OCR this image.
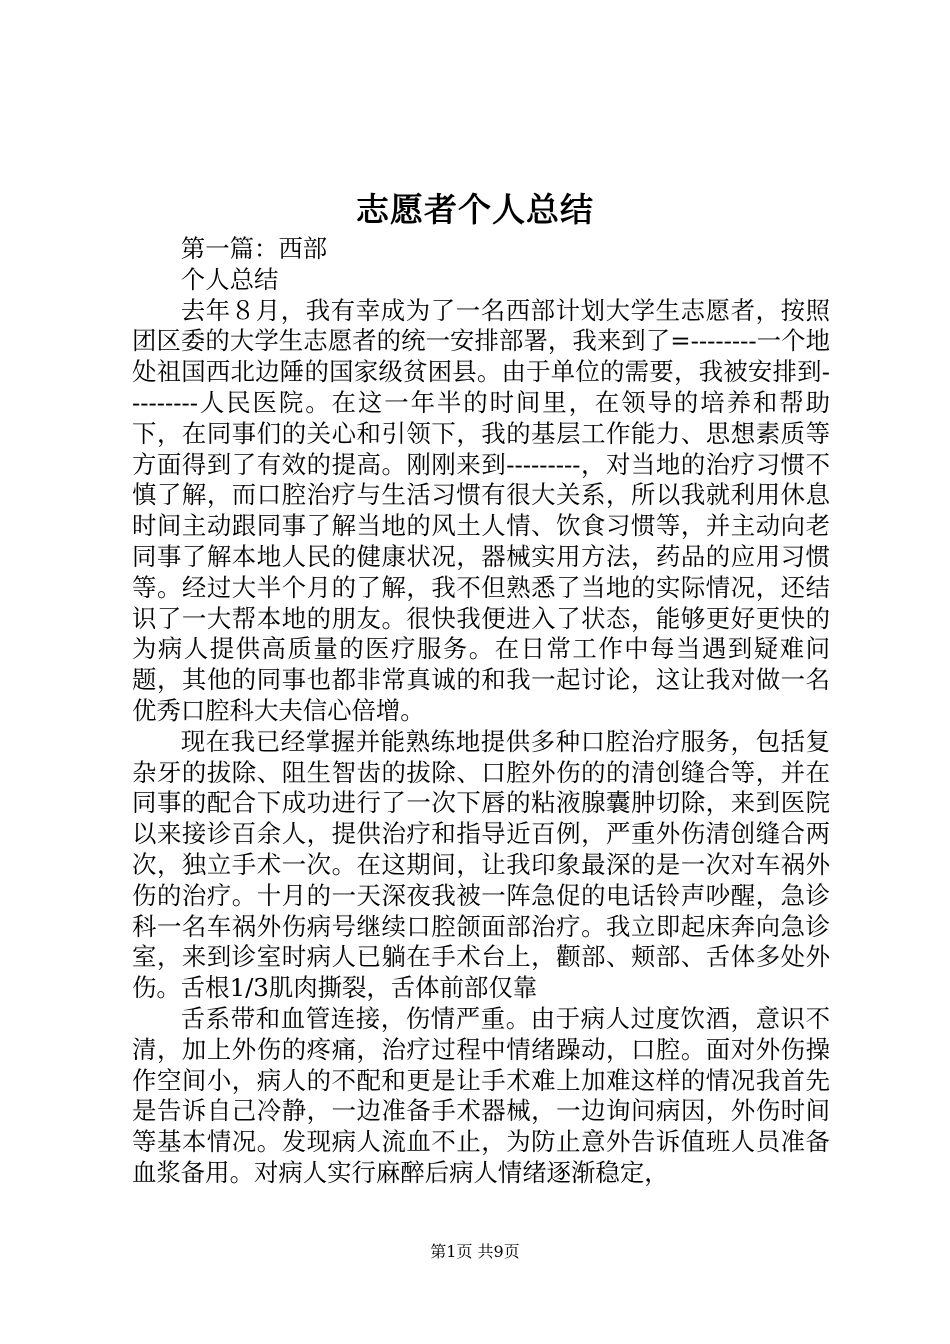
志愿者个人总结

第一篇：西部

个人总结

去年８月，我有幸成为了一名西部计划大学生志愿者，按照团区委的大学生志愿者的统一安排部署，我来到了=--------一个地处祖国西北边陲的国家级贫困县。由于单位的需要，我被安排到---------人民医院。在这一年半的时间里，在领导的培养和帮助下，在同事们的关心和引领下，我的基层工作能力、思想素质等方面得到了有效的提高。刚刚来到---------，对当地的治疗习惯不慎了解，而口腔治疗与生活习惯有很大关系，所以我就利用休息时间主动跟同事了解当地的风土人情、饮食习惯等，并主动向老同事了解本地人民的健康状况，器械实用方法，药品的应用习惯等。经过大半个月的了解，我不但熟悉了当地的实际情况，还结识了一大帮本地的朋友。很快我便进入了状态，能够更好更快的为病人提供高质量的医疗服务。在日常工作中每当遇到疑难问题，其他的同事也都非常真诚的和我一起讨论，这让我对做一名优秀口腔科大夫信心倍增。

现在我已经掌握并能熟练地提供多种口腔治疗服务，包括复杂牙的拔除、阻生智齿的拔除、口腔外伤的的清创缝合等，并在同事的配合下成功进行了一次下唇的粘液腺囊肿切除，来到医院以来接诊百余人，提供治疗和指导近百例，严重外伤清创缝合两次，独立手术一次。在这期间，让我印象最深的是一次对车祸外伤的治疗。十月的一天深夜我被一阵急促的电话铃声吵醒，急诊科一名车祸外伤病号继续口腔颌面部治疗。我立即起床奔向急诊室，来到诊室时病人已躺在手术台上，颧部、颊部、舌体多处外伤。舌根1/3肌肉撕裂，舌体前部仅靠

舌系带和血管连接，伤情严重。由于病人过度饮酒，意识不清，加上外伤的疼痛，治疗过程中情绪躁动，口腔。面对外伤操作空间小，病人的不配和更是让手术难上加难这样的情况我首先是告诉自己冷静，一边准备手术器械，一边询问病因，外伤时间等基本情况。发现病人流血不止，为防止意外告诉值班人员准备血浆备用。对病人实行麻醉后病人情绪逐渐稳定，

第1页 共9页
